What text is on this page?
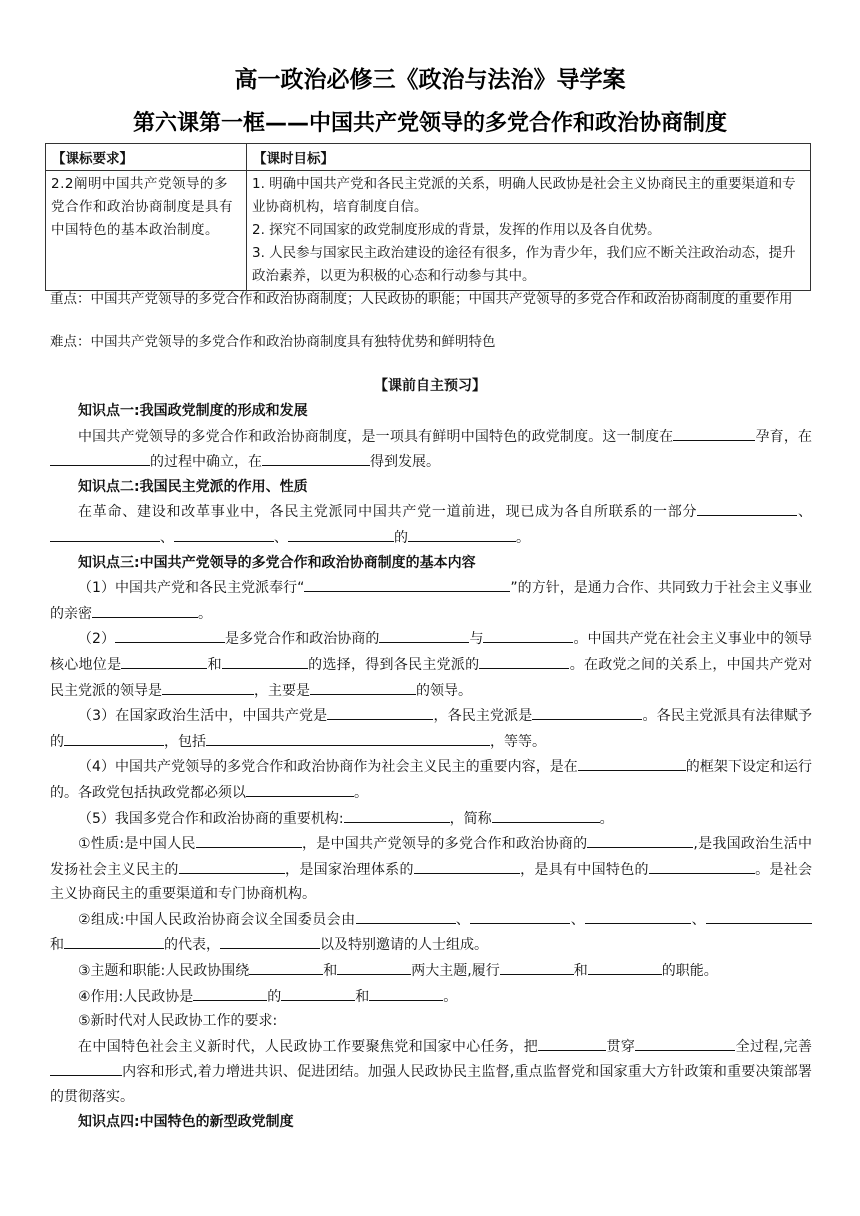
高一政治必修三《政治与法治》导学案
第六课第一框——中国共产党领导的多党合作和政治协商制度
【课标要求】	【课时目标】
2.2阐明中国共产党领导的多党合作和政治协商制度是具有中国特色的基本政治制度。	1. 明确中国共产党和各民主党派的关系，明确人民政协是社会主义协商民主的重要渠道和专业协商机构，培育制度自信。
2. 探究不同国家的政党制度形成的背景，发挥的作用以及各自优势。
3. 人民参与国家民主政治建设的途径有很多，作为青少年，我们应不断关注政治动态，提升政治素养，以更为积极的心态和行动参与其中。
重点：中国共产党领导的多党合作和政治协商制度；人民政协的职能；中国共产党领导的多党合作和政治协商制度的重要作用
难点：中国共产党领导的多党合作和政治协商制度具有独特优势和鲜明特色
【课前自主预习】

知识点一:我国政党制度的形成和发展

中国共产党领导的多党合作和政治协商制度，是一项具有鲜明中国特色的政党制度。这一制度在	孕育，在的过程中确立，在	得到发展。

知识点二:我国民主党派的作用、性质

在革命、建设和改革事业中，各民主党派同中国共产党一道前进，现已成为各自所联系的一部分	、、	、	的	。

知识点三:中国共产党领导的多党合作和政治协商制度的基本内容

（1）中国共产党和各民主党派奉行“	”的方针，是通力合作、共同致力于社会主义事业的亲密	。

（2）	是多党合作和政治协商的	与	。中国共产党在社会主义事业中的领导核心地位是	和	的选择，得到各民主党派的	。在政党之间的关系上，中国共产党对民主党派的领导是	，主要是	的领导。

（3）在国家政治生活中，中国共产党是	，各民主党派是	。各民主党派具有法律赋予的	，包括	，等等。

（4）中国共产党领导的多党合作和政治协商作为社会主义民主的重要内容，是在	的框架下设定和运行的。各政党包括执政党都必须以	。

（5）我国多党合作和政治协商的重要机构:	，简称	。

①性质:是中国人民	，是中国共产党领导的多党合作和政治协商的	,是我国政治生活中发扬社会主义民主的	，是国家治理体系的	，是具有中国特色的	。是社会主义协商民主的重要渠道和专门协商机构。

②组成:中国人民政治协商会议全国委员会由	、	、	、和	的代表，	以及特别邀请的人士组成。

③主题和职能:人民政协围绕	和	两大主题,履行	和	的职能。

④作用:人民政协是	的	和	。

⑤新时代对人民政协工作的要求:

在中国特色社会主义新时代，人民政协工作要聚焦党和国家中心任务，把	贯穿	全过程,完善内容和形式,着力增进共识、促进团结。加强人民政协民主监督,重点监督党和国家重大方针政策和重要决策部署的贯彻落实。

知识点四:中国特色的新型政党制度
